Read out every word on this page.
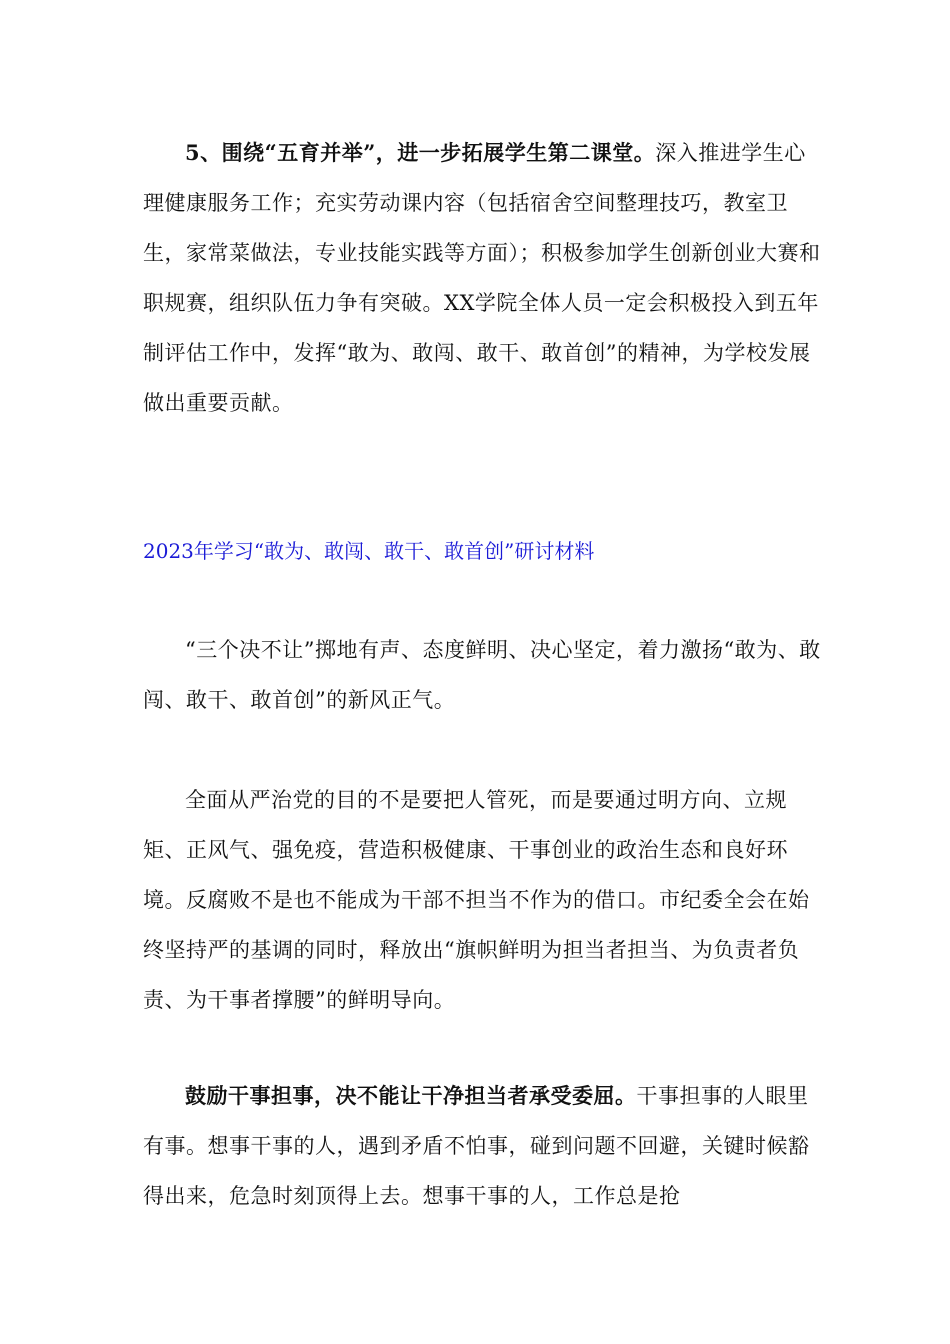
5、围绕“五育并举”，进一步拓展学生第二课堂。深入推进学生心理健康服务工作；充实劳动课内容（包括宿舍空间整理技巧，教室卫生，家常菜做法，专业技能实践等方面）；积极参加学生创新创业大赛和职规赛，组织队伍力争有突破。XX学院全体人员一定会积极投入到五年制评估工作中，发挥“敢为、敢闯、敢干、敢首创”的精神，为学校发展做出重要贡献。

2023年学习“敢为、敢闯、敢干、敢首创”研讨材料

“三个决不让”掷地有声、态度鲜明、决心坚定，着力激扬“敢为、敢闯、敢干、敢首创”的新风正气。

全面从严治党的目的不是要把人管死，而是要通过明方向、立规矩、正风气、强免疫，营造积极健康、干事创业的政治生态和良好环境。反腐败不是也不能成为干部不担当不作为的借口。市纪委全会在始终坚持严的基调的同时，释放出“旗帜鲜明为担当者担当、为负责者负责、为干事者撑腰”的鲜明导向。

鼓励干事担事，决不能让干净担当者承受委屈。干事担事的人眼里有事。想事干事的人，遇到矛盾不怕事，碰到问题不回避，关键时候豁得出来，危急时刻顶得上去。想事干事的人，工作总是抢
